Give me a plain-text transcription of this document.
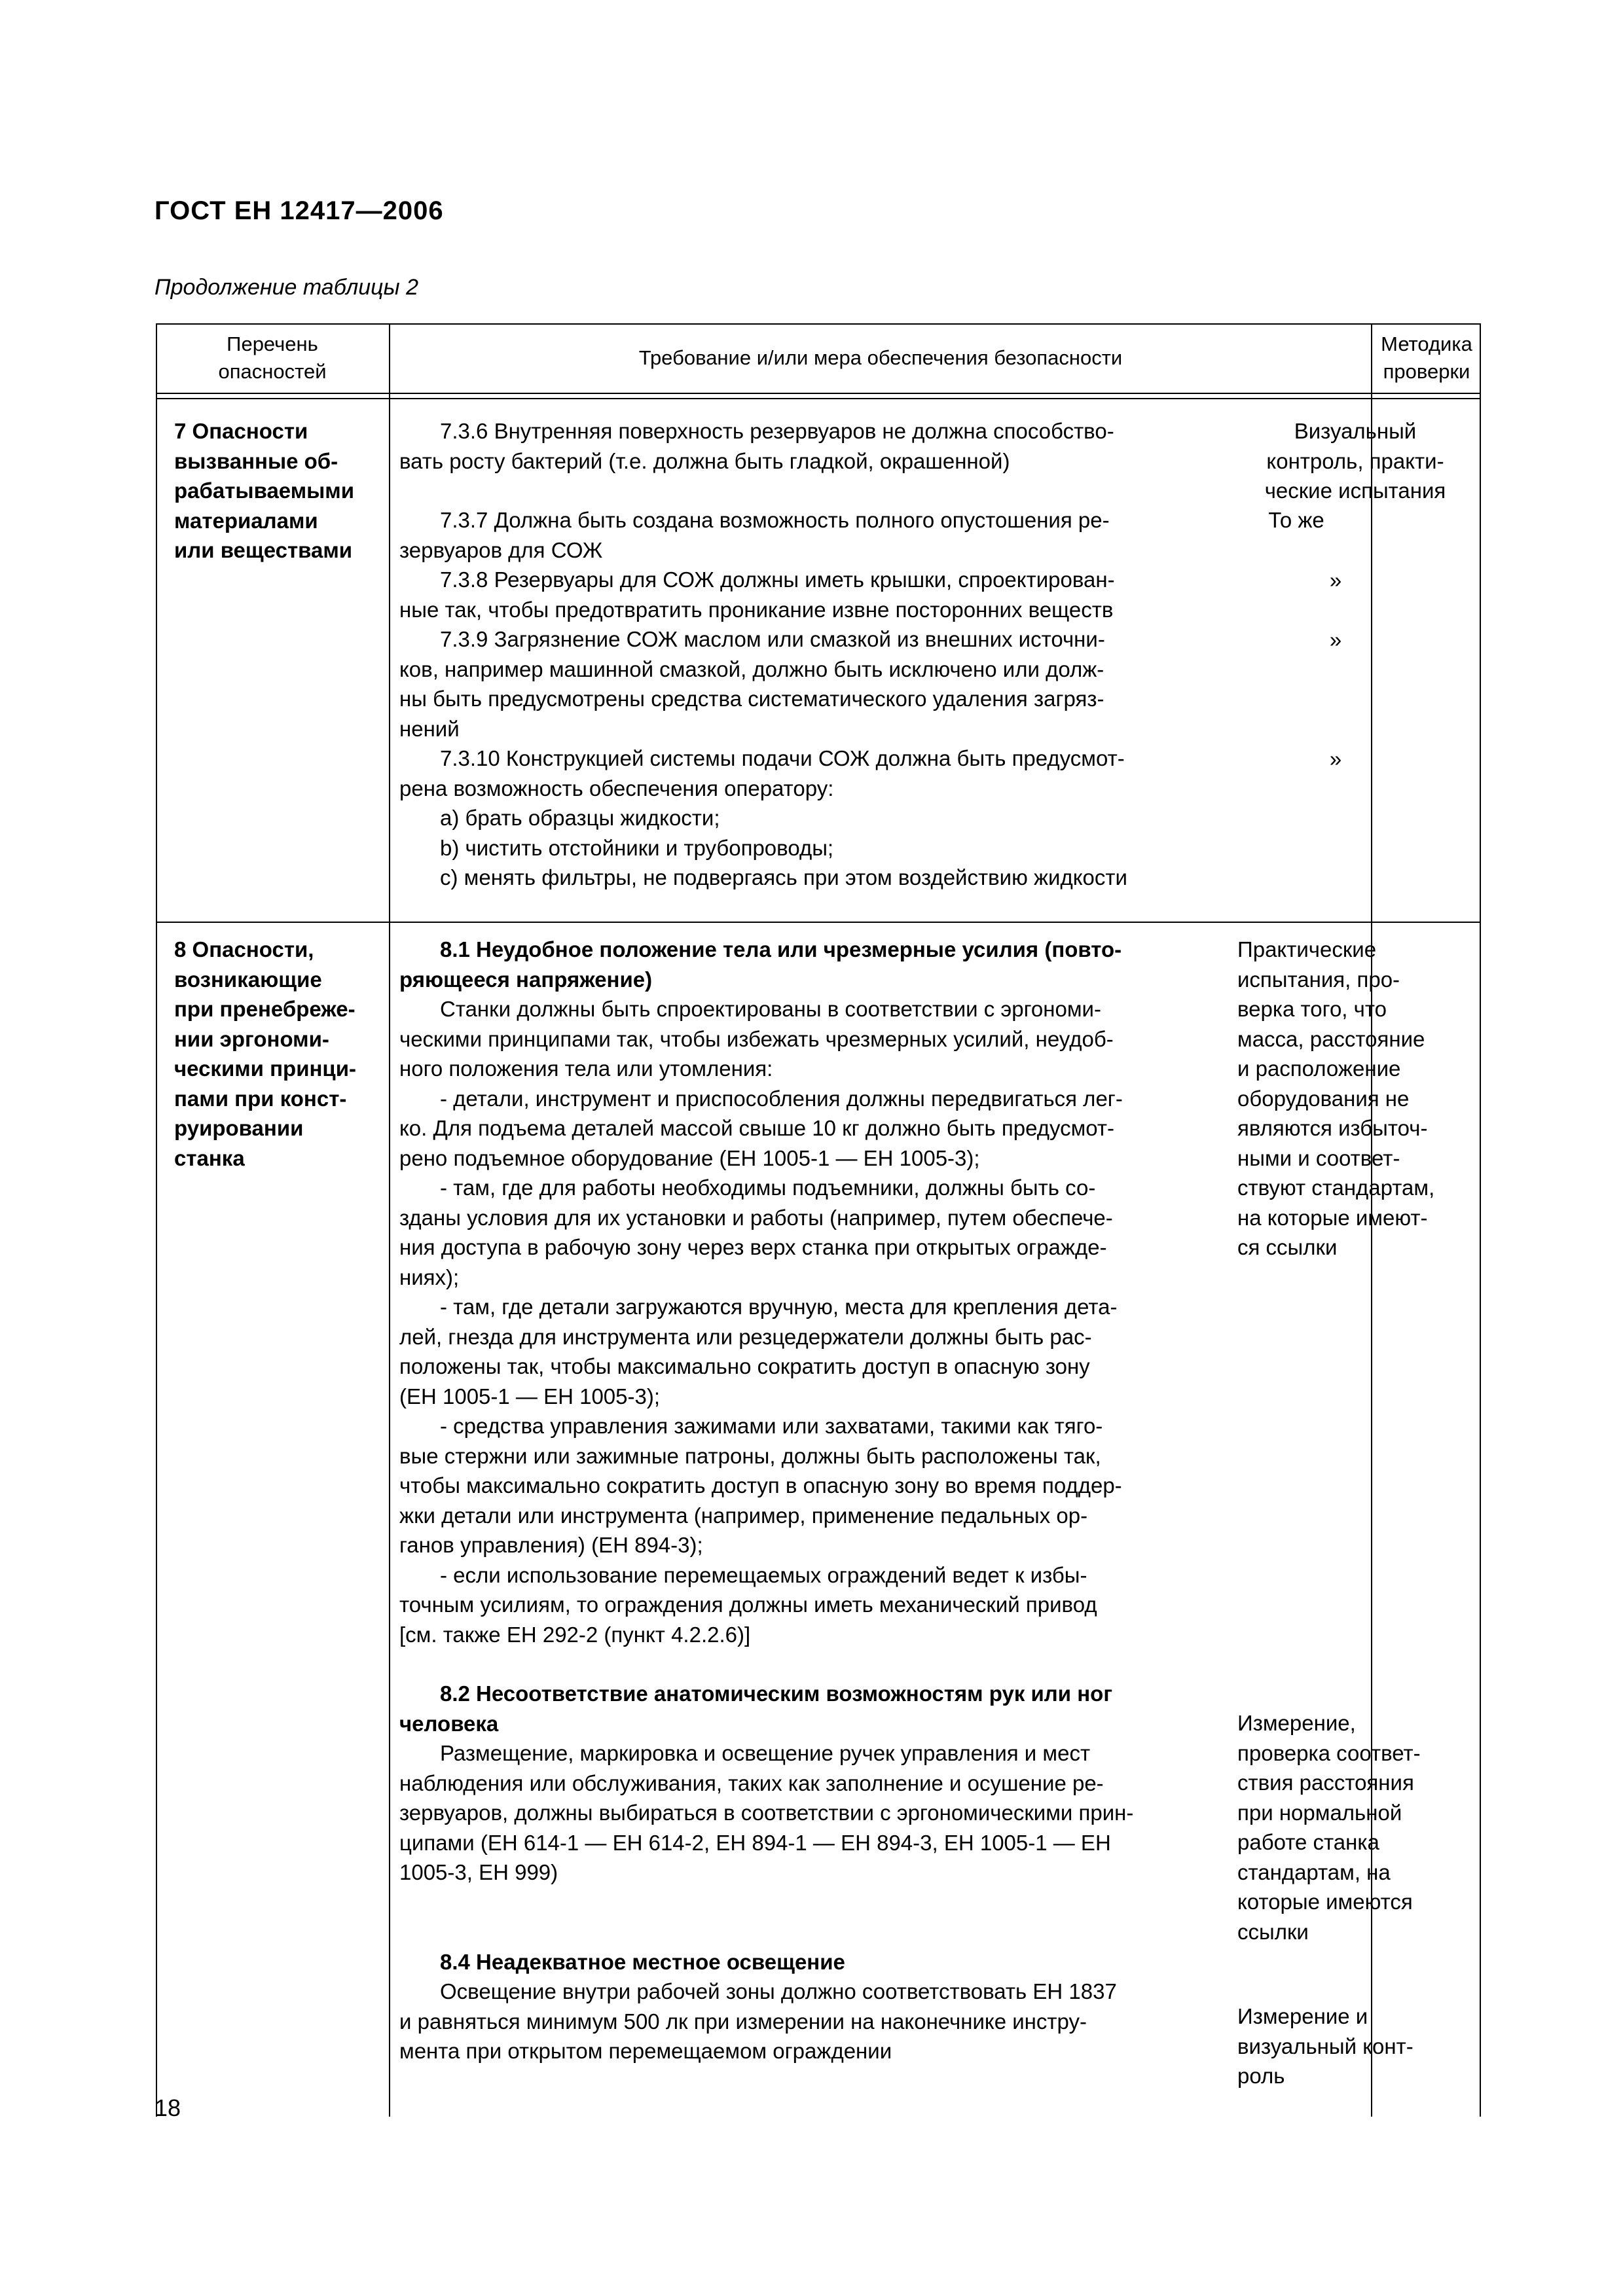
ГОСТ ЕН 12417—2006
Продолжение таблицы 2
Перечень
опасностей
Требование и/или мера обеспечения безопасности
Методика
проверки
7 Опасности
вызванные об-
рабатываемыми
материалами
или веществами

7.3.6 Внутренняя поверхность резервуаров не должна способство-
вать росту бактерий (т.е. должна быть гладкой, окрашенной)

7.3.7 Должна быть создана возможность полного опустошения ре-
зервуаров для СОЖ

7.3.8 Резервуары для СОЖ должны иметь крышки, спроектирован-
ные так, чтобы предотвратить проникание извне посторонних веществ

7.3.9 Загрязнение СОЖ маслом или смазкой из внешних источни-
ков, например машинной смазкой, должно быть исключено или долж-
ны быть предусмотрены средства систематического удаления загряз-
нений

7.3.10 Конструкцией системы подачи СОЖ должна быть предусмот-
рена возможность обеспечения оператору:

a) брать образцы жидкости;

b) чистить отстойники и трубопроводы;

c) менять фильтры, не подвергаясь при этом воздействию жидкости

8 Опасности,
возникающие
при пренебреже-
нии эргономи-
ческими принци-
пами при конст-
руировании
станка

8.1 Неудобное положение тела или чрезмерные усилия (повто-
ряющееся напряжение)

Станки должны быть спроектированы в соответствии с эргономи-
ческими принципами так, чтобы избежать чрезмерных усилий, неудоб-
ного положения тела или утомления:

- детали, инструмент и приспособления должны передвигаться лег-
ко. Для подъема деталей массой свыше 10 кг должно быть предусмот-
рено подъемное оборудование (ЕН 1005-1 — ЕН 1005-3);

- там, где для работы необходимы подъемники, должны быть со-
зданы условия для их установки и работы (например, путем обеспече-
ния доступа в рабочую зону через верх станка при открытых огражде-
ниях);

- там, где детали загружаются вручную, места для крепления дета-
лей, гнезда для инструмента или резцедержатели должны быть рас-
положены так, чтобы максимально сократить доступ в опасную зону
(ЕН 1005-1 — ЕН 1005-3);

- средства управления зажимами или захватами, такими как тяго-
вые стержни или зажимные патроны, должны быть расположены так,
чтобы максимально сократить доступ в опасную зону во время поддер-
жки детали или инструмента (например, применение педальных ор-
ганов управления) (ЕН 894-3);

- если использование перемещаемых ограждений ведет к избы-
точным усилиям, то ограждения должны иметь механический привод
[см. также ЕН 292-2 (пункт 4.2.2.6)]

8.2 Несоответствие анатомическим возможностям рук или ног
человека

Размещение, маркировка и освещение ручек управления и мест
наблюдения или обслуживания, таких как заполнение и осушение ре-
зервуаров, должны выбираться в соответствии с эргономическими прин-
ципами (ЕН 614-1 — ЕН 614-2, ЕН 894-1 — ЕН 894-3, ЕН 1005-1 — ЕН
1005-3, ЕН 999)

8.4 Неадекватное местное освещение

Освещение внутри рабочей зоны должно соответствовать ЕН 1837
и равняться минимум 500 лк при измерении на наконечнике инстру-
мента при открытом перемещаемом ограждении

Визуальный
контроль, практи-
ческие испытания
То же
»
»
»
Практические
испытания, про-
верка того, что
масса, расстояние
и расположение
оборудования не
являются избыточ-
ными и соответ-
ствуют стандартам,
на которые имеют-
ся ссылки
Измерение,
проверка соответ-
ствия расстояния
при нормальной
работе станка
стандартам, на
которые имеются
ссылки
Измерение и
визуальный конт-
роль
18
